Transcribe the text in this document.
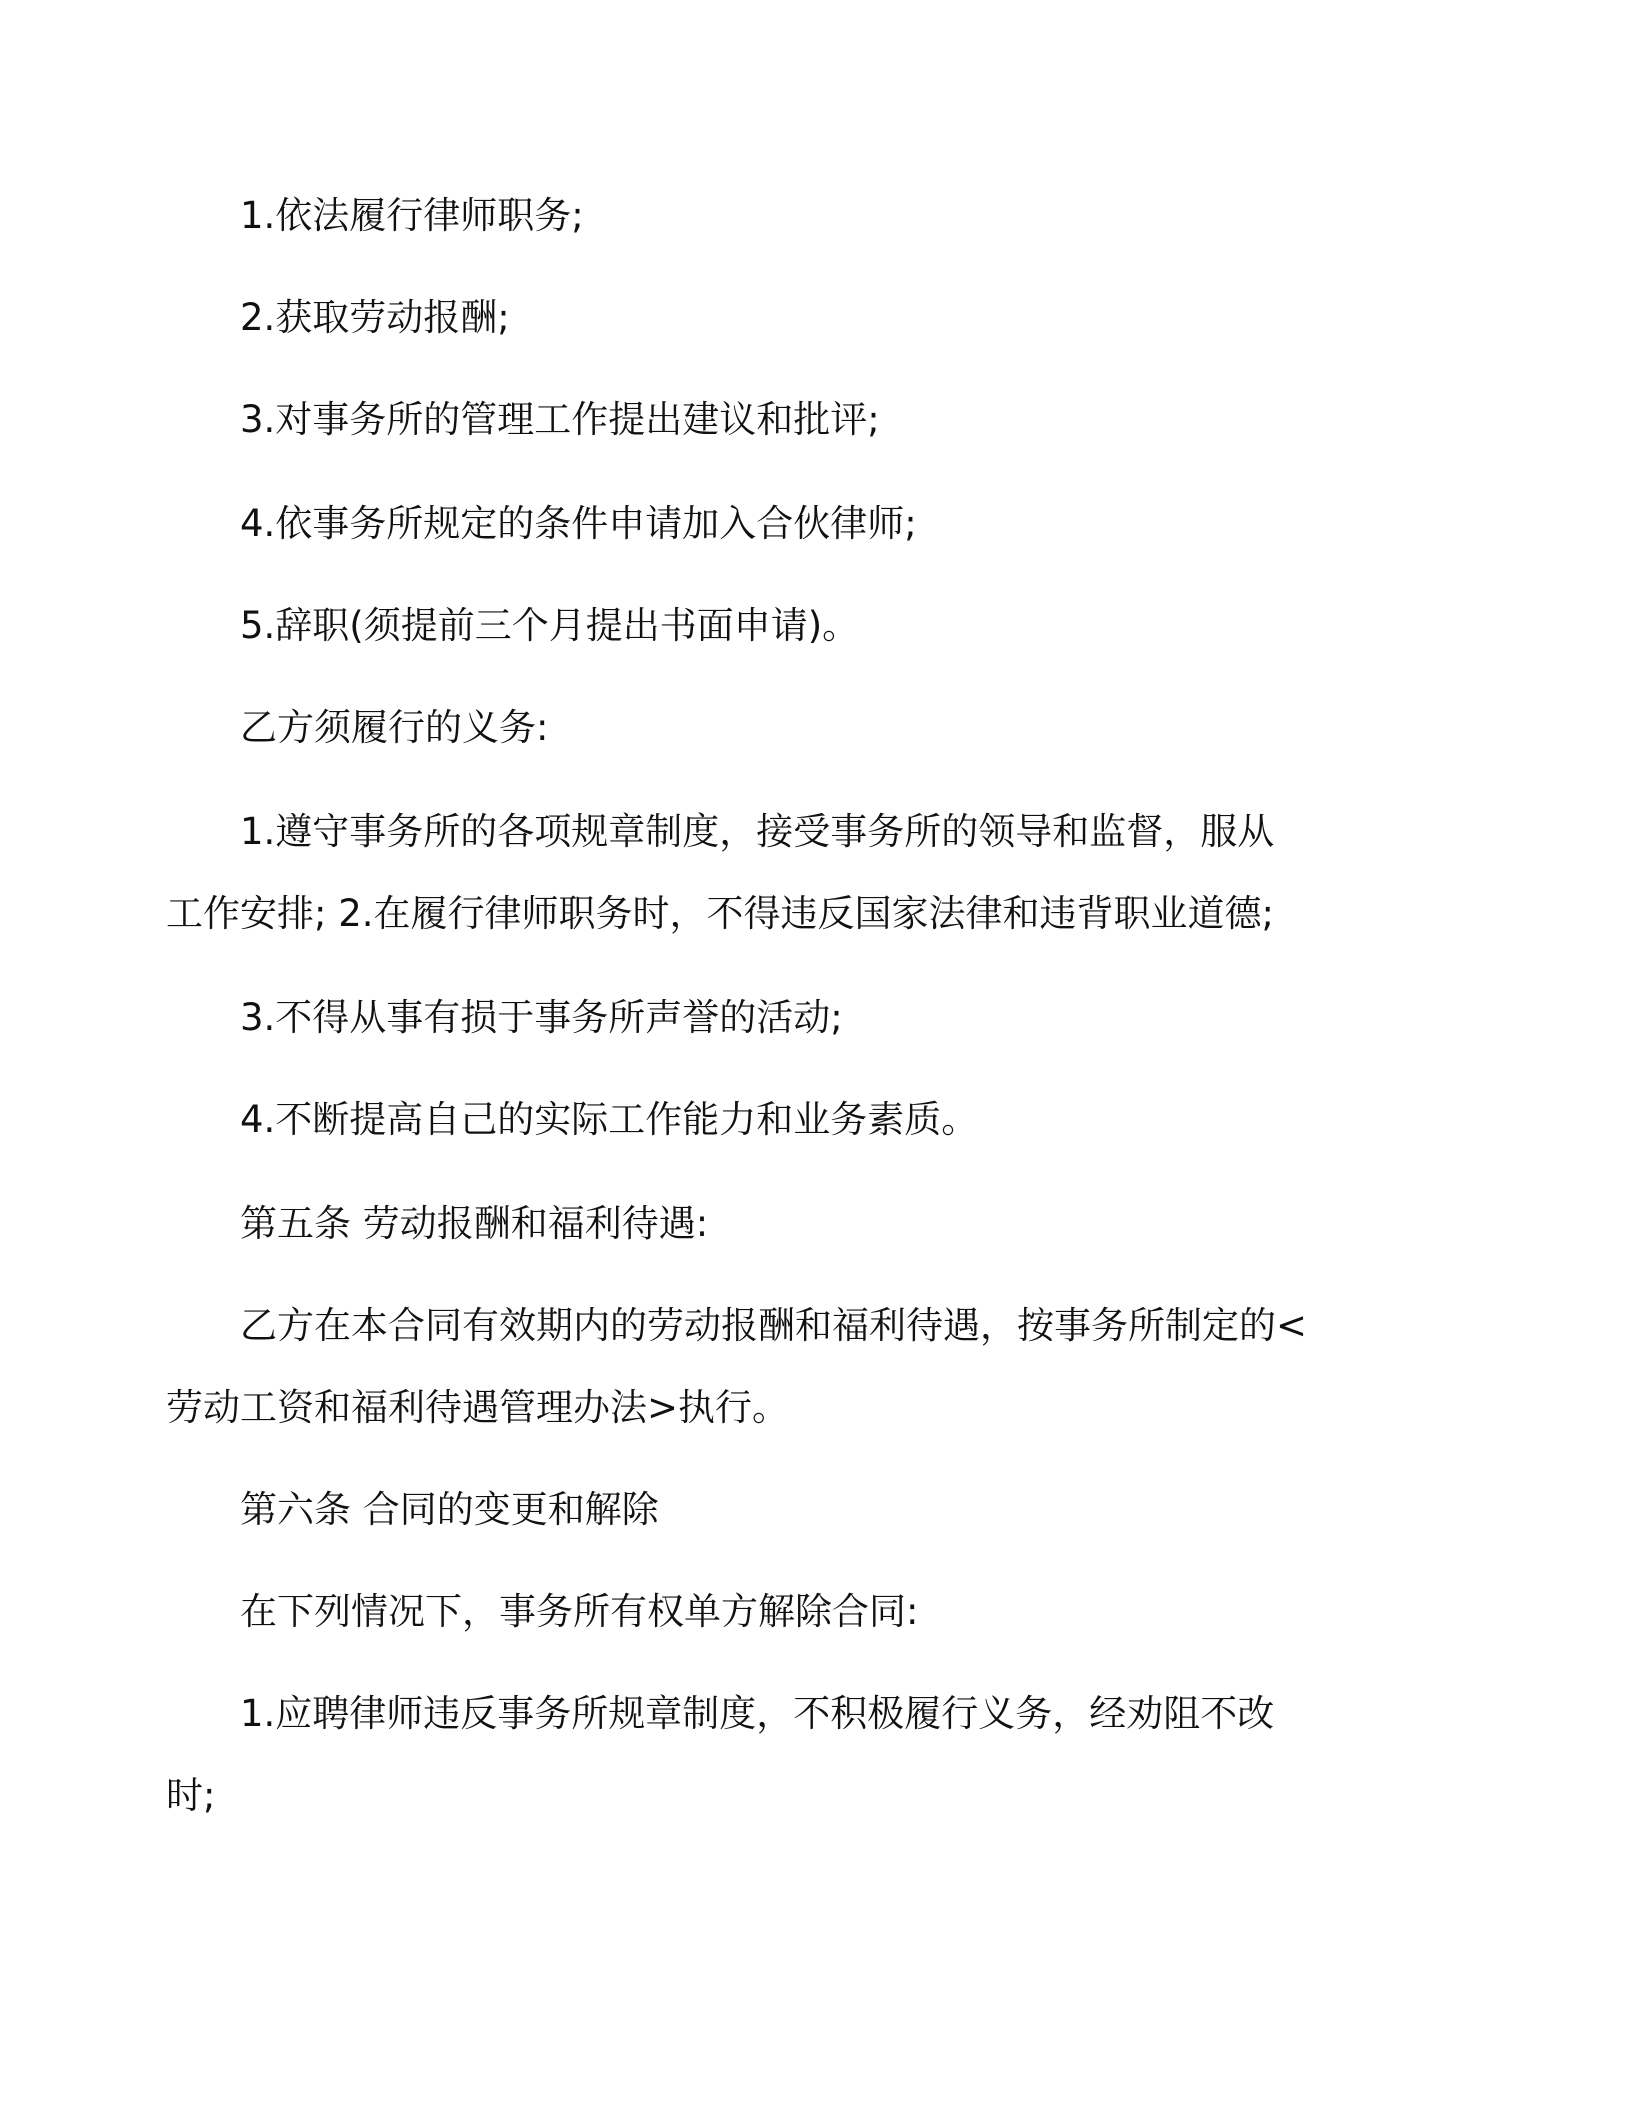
1.依法履行律师职务;

2.获取劳动报酬;

3.对事务所的管理工作提出建议和批评;

4.依事务所规定的条件申请加入合伙律师;

5.辞职(须提前三个月提出书面申请)。

乙方须履行的义务:

1.遵守事务所的各项规章制度，接受事务所的领导和监督，服从
工作安排; 2.在履行律师职务时，不得违反国家法律和违背职业道德;

3.不得从事有损于事务所声誉的活动;

4.不断提高自己的实际工作能力和业务素质。

第五条 劳动报酬和福利待遇:

乙方在本合同有效期内的劳动报酬和福利待遇，按事务所制定的<
劳动工资和福利待遇管理办法>执行。

第六条 合同的变更和解除

在下列情况下，事务所有权单方解除合同:

1.应聘律师违反事务所规章制度，不积极履行义务，经劝阻不改
时;
